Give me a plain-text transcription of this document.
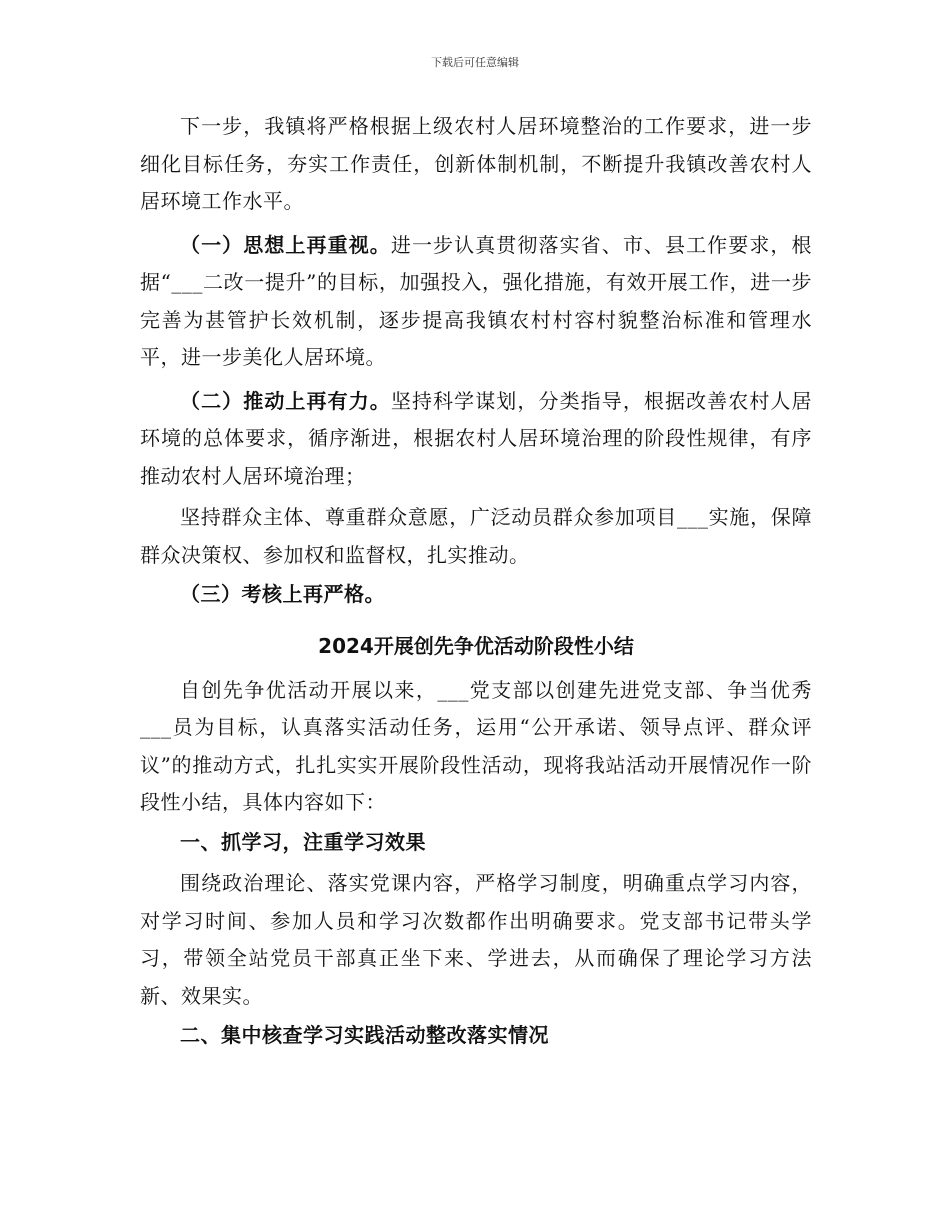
下载后可任意编辑

下一步，我镇将严格根据上级农村人居环境整治的工作要求，进一步细化目标任务，夯实工作责任，创新体制机制，不断提升我镇改善农村人居环境工作水平。

（一）思想上再重视。进一步认真贯彻落实省、市、县工作要求，根据“___二改一提升”的目标，加强投入，强化措施，有效开展工作，进一步完善为甚管护长效机制，逐步提高我镇农村村容村貌整治标准和管理水平，进一步美化人居环境。

（二）推动上再有力。坚持科学谋划，分类指导，根据改善农村人居环境的总体要求，循序渐进，根据农村人居环境治理的阶段性规律，有序推动农村人居环境治理；

坚持群众主体、尊重群众意愿，广泛动员群众参加项目___实施，保障群众决策权、参加权和监督权，扎实推动。

（三）考核上再严格。

2024开展创先争优活动阶段性小结

自创先争优活动开展以来，___党支部以创建先进党支部、争当优秀___员为目标，认真落实活动任务，运用“公开承诺、领导点评、群众评议”的推动方式，扎扎实实开展阶段性活动，现将我站活动开展情况作一阶段性小结，具体内容如下：

一、抓学习，注重学习效果

围绕政治理论、落实党课内容，严格学习制度，明确重点学习内容，对学习时间、参加人员和学习次数都作出明确要求。党支部书记带头学习，带领全站党员干部真正坐下来、学进去，从而确保了理论学习方法新、效果实。

二、集中核查学习实践活动整改落实情况
